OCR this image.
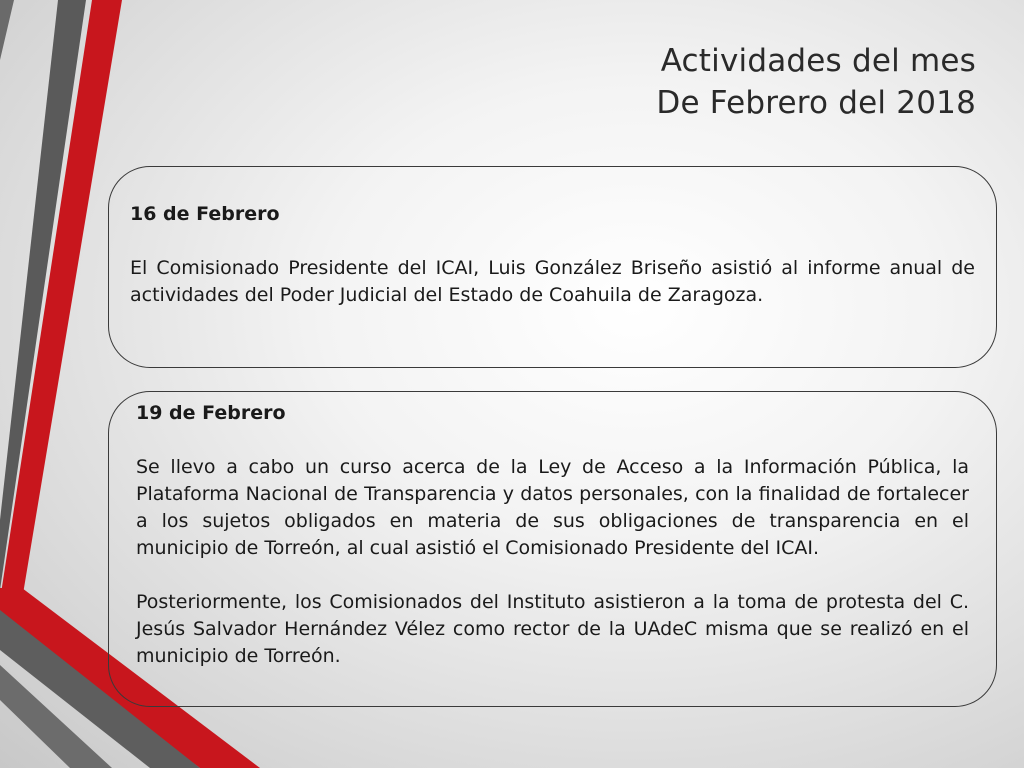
Actividades del mes
De Febrero del 2018
16 de Febrero
El Comisionado Presidente del ICAI, Luis González Briseño asistió al informe anual de actividades del Poder Judicial del Estado de Coahuila de Zaragoza.
19 de Febrero
Se llevo a cabo un curso acerca de la Ley de Acceso a la Información Pública, la Plataforma Nacional de Transparencia y datos personales, con la finalidad de fortalecer a los sujetos obligados en materia de sus obligaciones de transparencia en el municipio de Torreón, al cual asistió el Comisionado Presidente del ICAI.
Posteriormente, los Comisionados del Instituto asistieron a la toma de protesta del C. Jesús Salvador Hernández Vélez como rector de la UAdeC misma que se realizó en el municipio de Torreón.
